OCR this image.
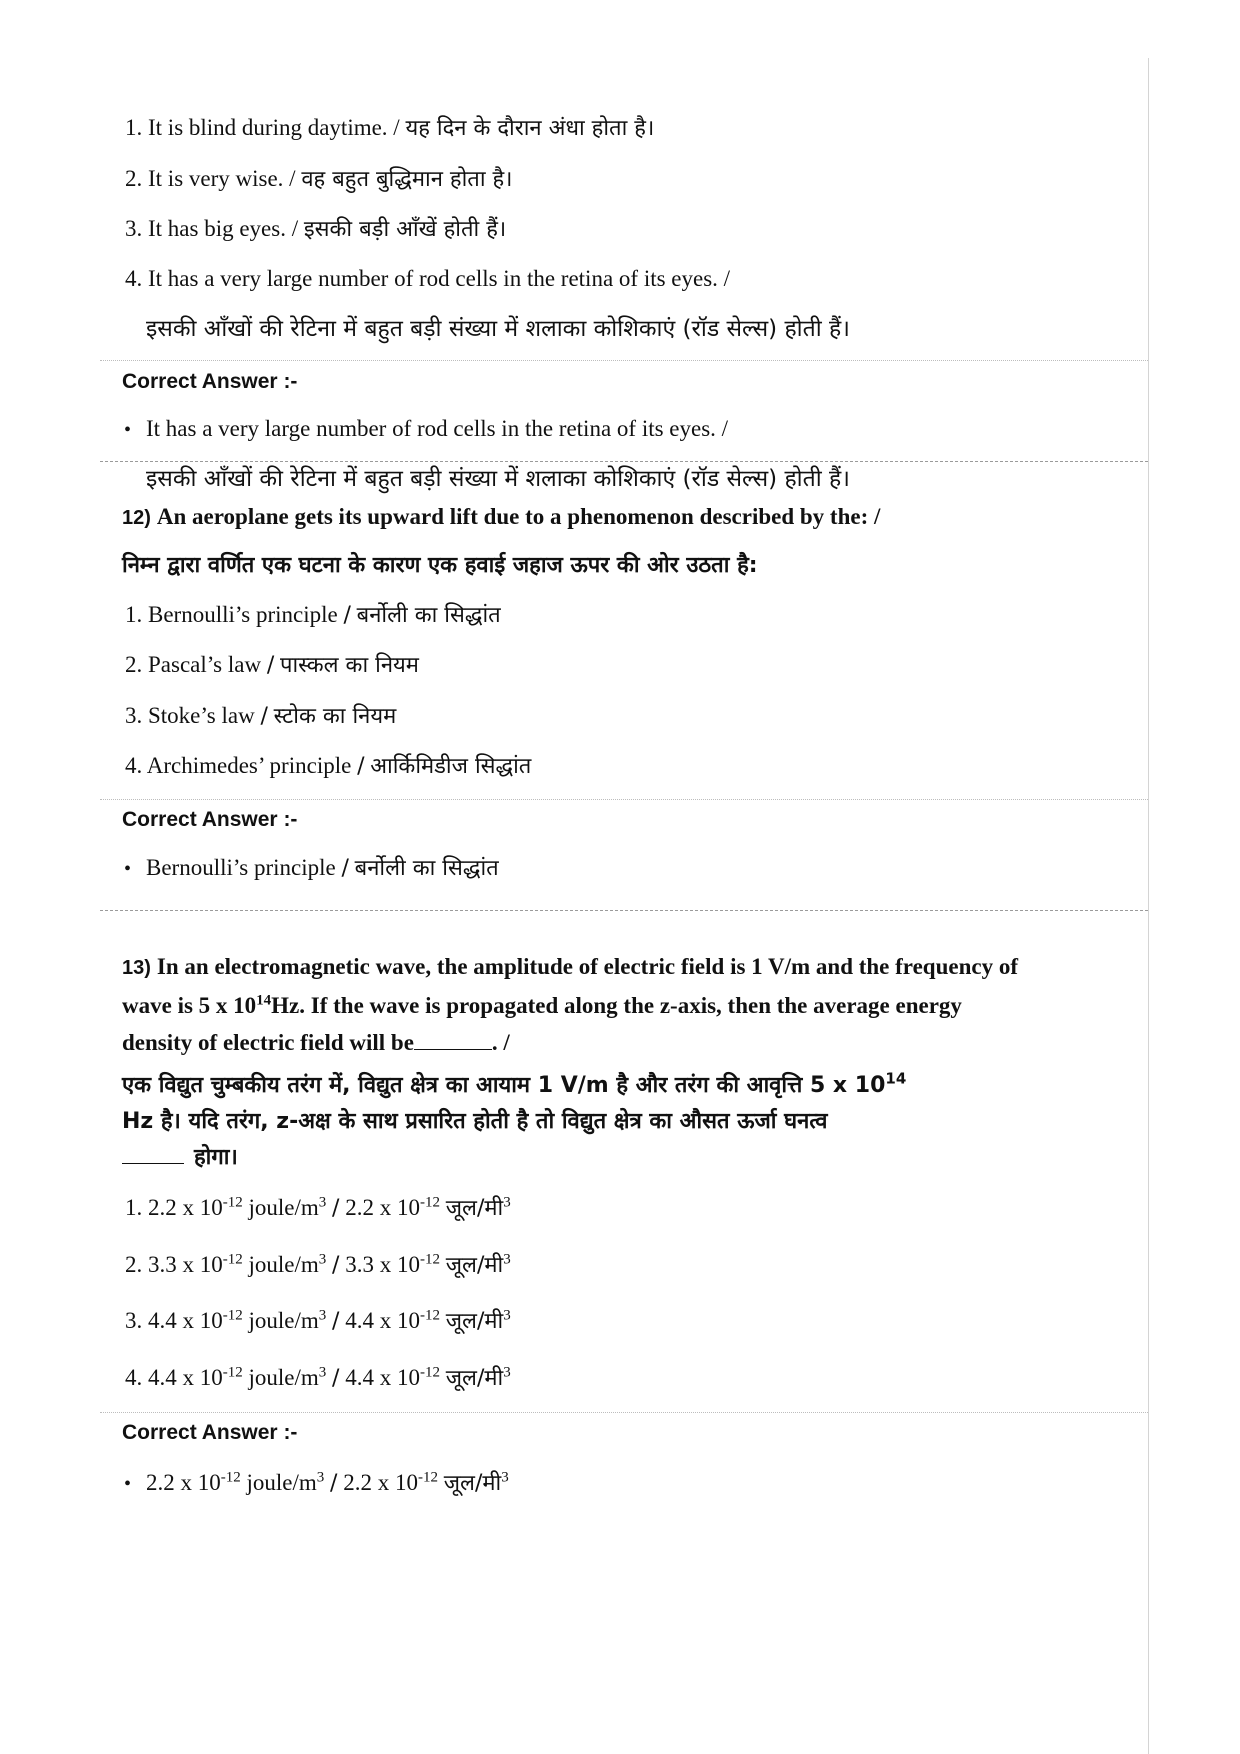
1. It is blind during daytime. / यह दिन के दौरान अंधा होता है।
2. It is very wise. / वह बहुत बुद्धिमान होता है।
3. It has big eyes. / इसकी बड़ी आँखें होती हैं।
4. It has a very large number of rod cells in the retina of its eyes. /
इसकी आँखों की रेटिना में बहुत बड़ी संख्या में शलाका कोशिकाएं (रॉड सेल्स) होती हैं।
Correct Answer :-
• It has a very large number of rod cells in the retina of its eyes. /
इसकी आँखों की रेटिना में बहुत बड़ी संख्या में शलाका कोशिकाएं (रॉड सेल्स) होती हैं।
12) An aeroplane gets its upward lift due to a phenomenon described by the: /
निम्न द्वारा वर्णित एक घटना के कारण एक हवाई जहाज ऊपर की ओर उठता है:
1. Bernoulli’s principle / बर्नोली का सिद्धांत
2. Pascal’s law / पास्कल का नियम
3. Stoke’s law / स्टोक का नियम
4. Archimedes’ principle / आर्किमिडीज सिद्धांत
Correct Answer :-
• Bernoulli’s principle / बर्नोली का सिद्धांत
13) In an electromagnetic wave, the amplitude of electric field is 1 V/m and the frequency of
wave is 5 x $10^{14}Hz$. If the wave is propagated along the z-axis, then the average energy
density of electric field will be	. /
एक विद्युत चुम्बकीय तरंग में, विद्युत क्षेत्र का आयाम 1 V/m है और तरंग की आवृत्ति 5 x $10^{14}$
Hz है। यदि तरंग, z-अक्ष के साथ प्रसारित होती है तो विद्युत क्षेत्र का औसत ऊर्जा घनत्व
होगा।
1. 2.2 x $10^{-12}$ joule/$m^3 / 2.2$ x $10^{-12}$ जूल/मी$^3$
2. 3.3 x $10^{-12}$ joule/$m^3 / 3.3$ x $10^{-12}$ जूल/मी$^3$
3. 4.4 x $10^{-12}$ joule/$m^3 / 4.4$ x $10^{-12}$ जूल/मी$^3$
4. 4.4 x $10^{-12}$ joule/$m^3 / 4.4$ x $10^{-12}$ जूल/मी$^3$
Correct Answer :-
• 2.2 x $10^{-12}$ joule/$m^3 / 2.2$ x $10^{-12}$ जूल/मी$^3$
